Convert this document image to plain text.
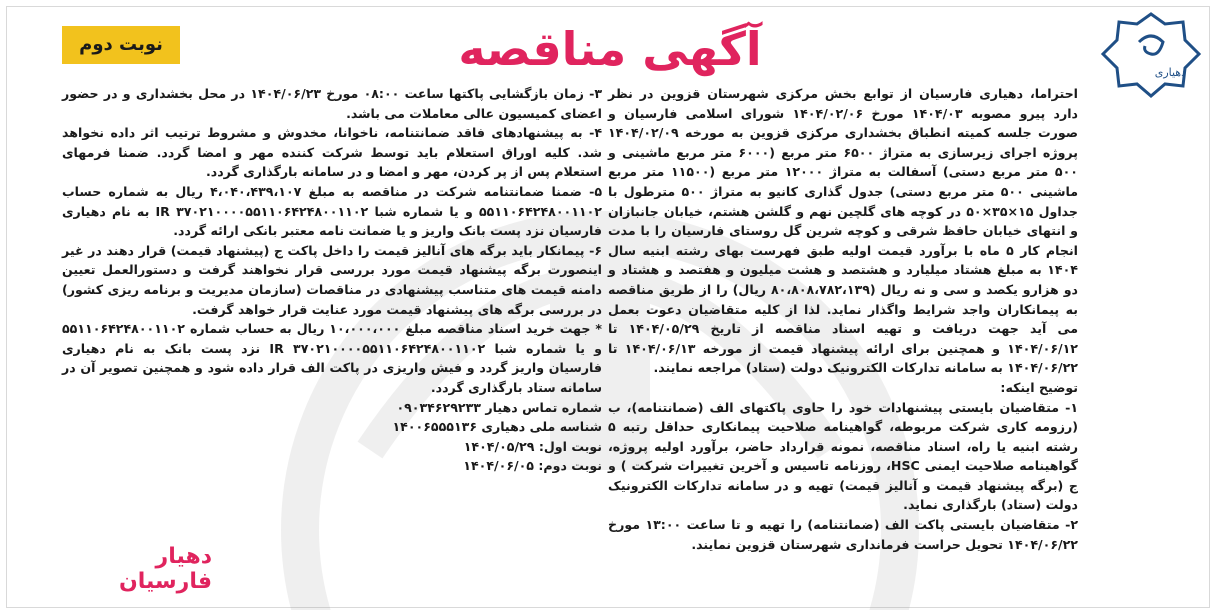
دهیاری
آگهی مناقصه
نوبت دوم

احتراما، دهیاری فارسیان از توابع بخش مرکزی شهرستان قزوین در نظر دارد پیرو مصوبه ۱۴۰۴/۰۳ مورخ ۱۴۰۴/۰۲/۰۶ شورای اسلامی فارسیان و صورت جلسه کمیته انطباق بخشداری مرکزی قزوین به مورخه ۱۴۰۴/۰۲/۰۹ پروژه اجرای زیرسازی به متراژ ۶۵۰۰ متر مربع (۶۰۰۰ متر مربع ماشینی و ۵۰۰ متر مربع دستی) آسفالت به متراژ ۱۲۰۰۰ متر مربع (۱۱۵۰۰ متر مربع ماشینی ۵۰۰ متر مربع دستی) جدول گذاری کانیو به متراژ ۵۰۰ مترطول با جداول ۱۵×۳۵×۵۰ در کوچه های گلچین نهم و گلشن هشتم، خیابان جانبازان و انتهای خیابان حافظ شرقی و کوچه شرین گل روستای فارسیان را با مدت انجام کار ۵ ماه با برآورد قیمت اولیه طبق فهرست بهای رشته ابنیه سال ۱۴۰۴ به مبلغ هشتاد میلیارد و هشتصد و هشت میلیون و هفتصد و هشتاد و دو هزارو یکصد و سی و نه ریال (۸۰،۸۰۸،۷۸۲،۱۳۹ ریال) را از طریق مناقصه به پیمانکاران واجد شرایط واگذار نماید. لذا از کلیه متقاضیان دعوت بعمل می آید جهت دریافت و تهیه اسناد مناقصه از تاریخ ۱۴۰۴/۰۵/۲۹ تا ۱۴۰۴/۰۶/۱۲ و همچنین برای ارائه پیشنهاد قیمت از مورخه ۱۴۰۴/۰۶/۱۳ تا ۱۴۰۴/۰۶/۲۲ به سامانه تدارکات الکترونیک دولت (ستاد) مراجعه نمایند.

توضیح اینکه:

۱- متقاضیان بایستی پیشنهادات خود را حاوی پاکتهای الف (ضمانتنامه)، ب (رزومه کاری شرکت مربوطه، گواهینامه صلاحیت پیمانکاری حداقل رتبه ۵ رشته ابنیه یا راه، اسناد مناقصه، نمونه قرارداد حاضر، برآورد اولیه پروژه، گواهینامه صلاحیت ایمنی HSC، روزنامه تاسیس و آخرین تغییرات شرکت ) و ج (برگه پیشنهاد قیمت و آنالیز قیمت) تهیه و در سامانه تدارکات الکترونیک دولت (ستاد) بارگذاری نماید.

۲- متقاضیان بایستی پاکت الف (ضمانتنامه) را تهیه و تا ساعت ۱۳:۰۰ مورخ ۱۴۰۴/۰۶/۲۲ تحویل حراست فرمانداری شهرستان قزوین نمایند.

۳- زمان بازگشایی پاکتها ساعت ۰۸:۰۰ مورخ ۱۴۰۴/۰۶/۲۳ در محل بخشداری و در حضور اعضای کمیسیون عالی معاملات می باشد.

۴- به پیشنهادهای فاقد ضمانتنامه، ناخوانا، مخدوش و مشروط ترتیب اثر داده نخواهد شد. کلیه اوراق استعلام باید توسط شرکت کننده مهر و امضا گردد. ضمنا فرمهای استعلام پس از پر کردن، مهر و امضا و در سامانه بارگذاری گردد.

۵- ضمنا ضمانتنامه شرکت در مناقصه به مبلغ ۴،۰۴۰،۴۳۹،۱۰۷ ریال به شماره حساب ۵۵۱۱۰۶۴۲۴۸۰۰۱۱۰۲ و یا شماره شبا IR ۳۷۰۲۱۰۰۰۰۵۵۱۱۰۶۴۲۴۸۰۰۱۱۰۲ به نام دهیاری فارسیان نزد پست بانک واریز و یا ضمانت نامه معتبر بانکی ارائه گردد.

۶- پیمانکار باید برگه های آنالیز قیمت را داخل پاکت ج (پیشنهاد قیمت) قرار دهند در غیر اینصورت برگه پیشنهاد قیمت مورد بررسی قرار نخواهند گرفت و دستورالعمل تعیین دامنه قیمت های متناسب پیشنهادی در مناقصات (سازمان مدیریت و برنامه ریزی کشور) در بررسی برگه های پیشنهاد قیمت مورد عنایت قرار خواهد گرفت.

* جهت خرید اسناد مناقصه مبلغ ۱۰،۰۰۰،۰۰۰ ریال به حساب شماره ۵۵۱۱۰۶۴۲۴۸۰۰۱۱۰۲ و یا شماره شبا IR ۳۷۰۲۱۰۰۰۰۵۵۱۱۰۶۴۲۴۸۰۰۱۱۰۲ نزد پست بانک به نام دهیاری فارسیان واریز گردد و فیش واریزی در پاکت الف قرار داده شود و همچنین تصویر آن در سامانه ستاد بارگذاری گردد.

شماره تماس دهیار ۰۹۰۳۴۶۲۹۲۳۳

شناسه ملی دهیاری ۱۴۰۰۶۵۵۵۱۳۶

نوبت اول: ۱۴۰۴/۰۵/۲۹

نوبت دوم: ۱۴۰۴/۰۶/۰۵

دهیار فارسیان
